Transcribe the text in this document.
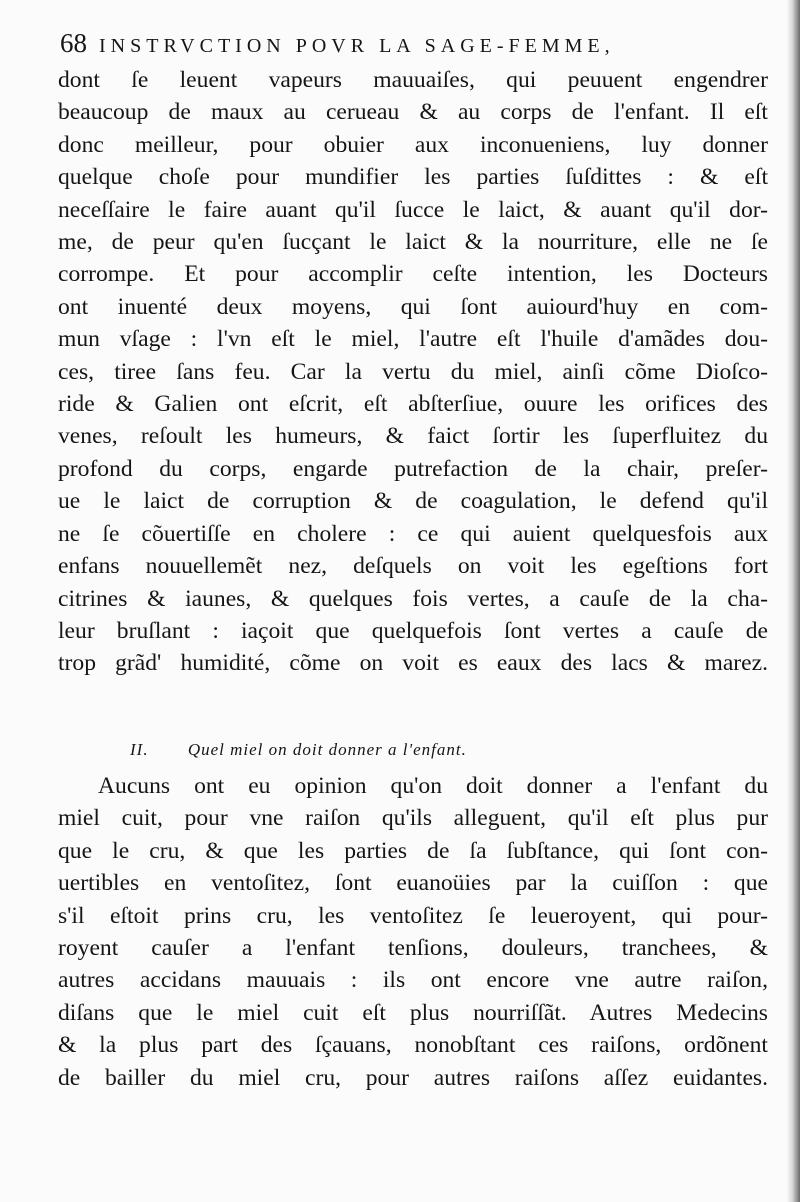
68 INSTRVCTION POVR LA SAGE-FEMME,
dont ſe leuent vapeurs mauuaiſes, qui peuuent engendrer
beaucoup de maux au cerueau & au corps de l'enfant. Il eſt
donc meilleur, pour obuier aux inconueniens, luy donner
quelque choſe pour mundifier les parties ſuſdittes : & eſt
neceſſaire le faire auant qu'il ſucce le laict, & auant qu'il dor-
me, de peur qu'en ſucçant le laict & la nourriture, elle ne ſe
corrompe. Et pour accomplir ceſte intention, les Docteurs
ont inuenté deux moyens, qui ſont auiourd'huy en com-
mun vſage : l'vn eſt le miel, l'autre eſt l'huile d'amãdes dou-
ces, tiree ſans feu. Car la vertu du miel, ainſi cõme Dioſco-
ride & Galien ont eſcrit, eſt abſterſiue, ouure les orifices des
venes, reſoult les humeurs, & faict ſortir les ſuperfluitez du
profond du corps, engarde putrefaction de la chair, preſer-
ue le laict de corruption & de coagulation, le defend qu'il
ne ſe cõuertiſſe en cholere : ce qui auient quelquesfois aux
enfans nouuellemẽt nez, deſquels on voit les egeſtions fort
citrines & iaunes, & quelques fois vertes, a cauſe de la cha-
leur bruſlant : iaçoit que quelquefois ſont vertes a cauſe de
trop grãd' humidité, cõme on voit es eaux des lacs & marez.
II. Quel miel on doit donner a l'enfant.
Aucuns ont eu opinion qu'on doit donner a l'enfant du
miel cuit, pour vne raiſon qu'ils alleguent, qu'il eſt plus pur
que le cru, & que les parties de ſa ſubſtance, qui ſont con-
uertibles en ventoſitez, ſont euanoüies par la cuiſſon : que
s'il eſtoit prins cru, les ventoſitez ſe leueroyent, qui pour-
royent cauſer a l'enfant tenſions, douleurs, tranchees, &
autres accidans mauuais : ils ont encore vne autre raiſon,
diſans que le miel cuit eſt plus nourriſſãt. Autres Medecins
& la plus part des ſçauans, nonobſtant ces raiſons, ordõnent
de bailler du miel cru, pour autres raiſons aſſez euidantes.
